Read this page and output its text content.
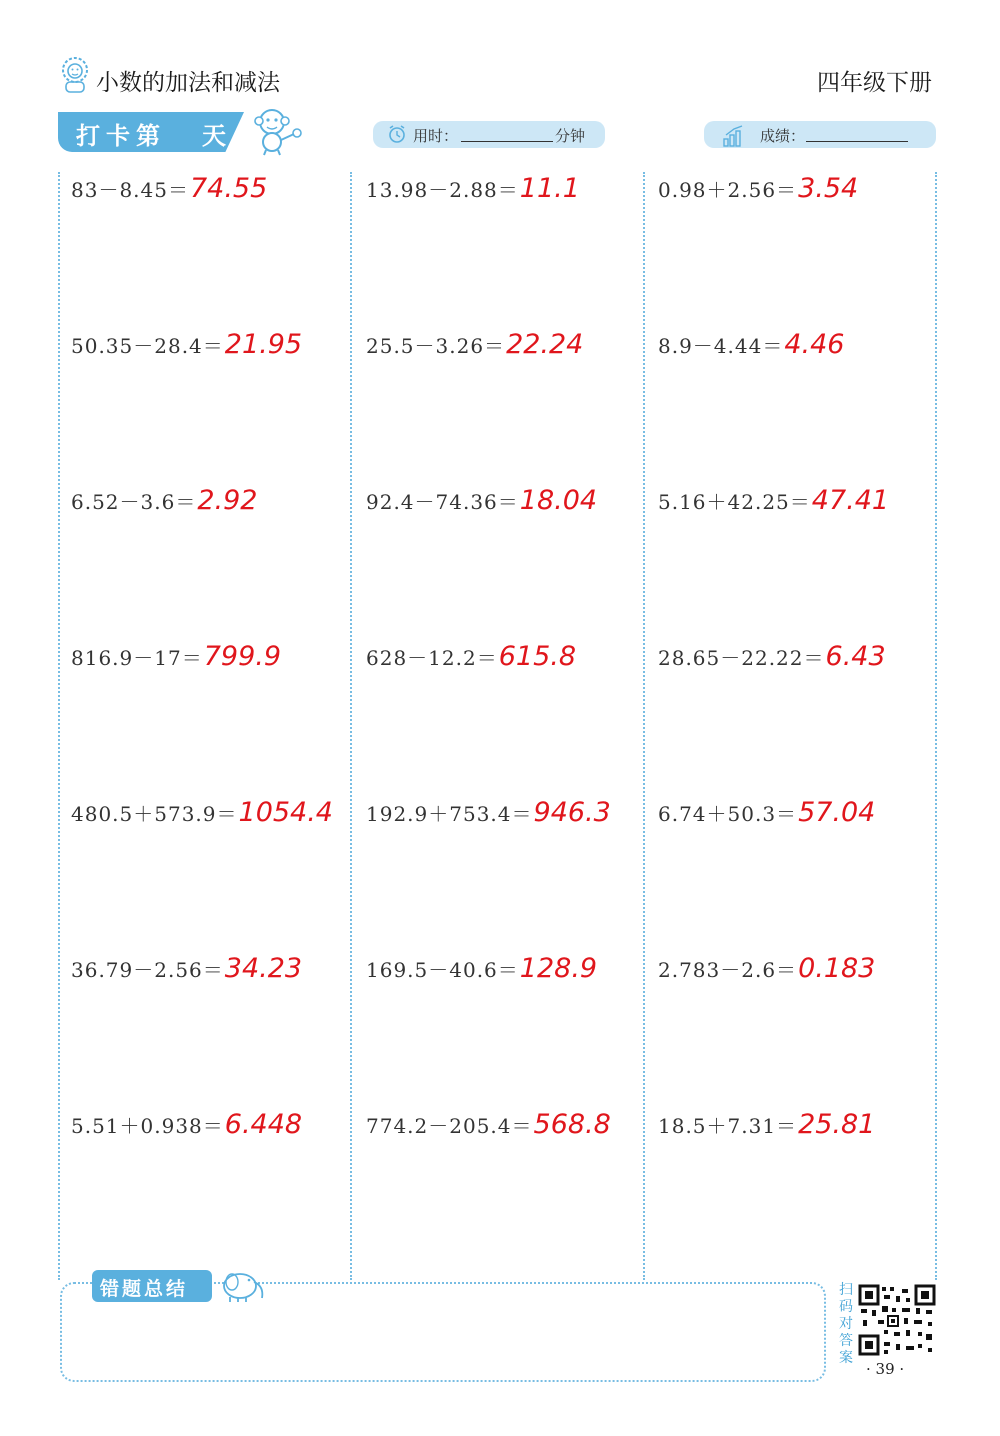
小数的加法和减法	四年级下册
打卡第 天	用时：	分钟	成绩：
83－8.45＝74.55
50.35－28.4＝21.95
6.52－3.6＝2.92
816.9－17＝799.9
480.5＋573.9＝1054.4
36.79－2.56＝34.23
5.51＋0.938＝6.448
13.98－2.88＝11.1
25.5－3.26＝22.24
92.4－74.36＝18.04
628－12.2＝615.8
192.9＋753.4＝946.3
169.5－40.6＝128.9
774.2－205.4＝568.8
0.98＋2.56＝3.54
8.9－4.44＝4.46
5.16＋42.25＝47.41
28.65－22.22＝6.43
6.74＋50.3＝57.04
2.783－2.6＝0.183
18.5＋7.31＝25.81
错题总结	扫码对答案
· 39 ·
